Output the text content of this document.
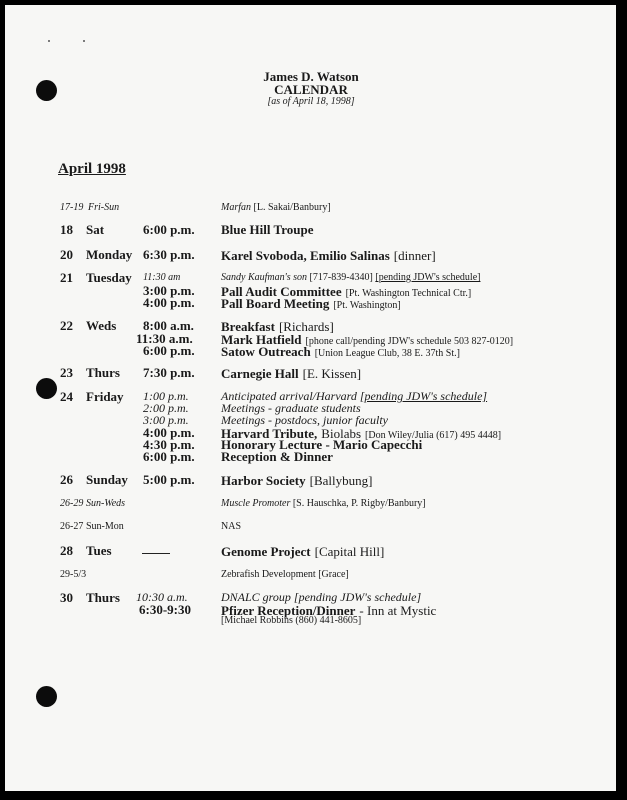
James D. Watson
CALENDAR
[as of April 18, 1998]
April 1998
17-19 Fri-Sun	Marfan [L. Sakai/Banbury]
18 Sat	6:00 p.m. Blue Hill Troupe
20 Monday 6:30 p.m. Karel Svoboda, Emilio Salinas [dinner]
21 Tuesday 11:30 am	Sandy Kaufman's son [717-839-4340] [pending JDW's schedule]
3:00 p.m. Pall Audit Committee [Pt. Washington Technical Ctr.]
4:00 p.m. Pall Board Meeting [Pt. Washington]
22 Weds 8:00 a.m. Breakfast [Richards]
11:30 a.m. Mark Hatfield [phone call/pending JDW's schedule 503 827-0120]
6:00 p.m. Satow Outreach [Union League Club, 38 E. 37th St.]
23 Thurs 7:30 p.m. Carnegie Hall [E. Kissen]
24 Friday 1:00 p.m.	Anticipated arrival/Harvard [pending JDW's schedule]
2:00 p.m.	Meetings - graduate students
3:00 p.m.	Meetings - postdocs, junior faculty
4:00 p.m. Harvard Tribute, Biolabs [Don Wiley/Julia (617) 495 4448]
4:30 p.m. Honorary Lecture - Mario Capecchi
6:00 p.m. Reception & Dinner
26 Sunday 5:00 p.m. Harbor Society [Ballybung]
26-29 Sun-Weds	Muscle Promoter [S. Hauschka, P. Rigby/Banbury]
26-27 Sun-Mon	NAS
28 Tues	Genome Project [Capital Hill]
29-5/3	Zebrafish Development [Grace]
30 Thurs 10:30 a.m.	DNALC group [pending JDW's schedule]
6:30-9:30 Pfizer Reception/Dinner - Inn at Mystic
[Michael Robbins (860) 441-8605]
